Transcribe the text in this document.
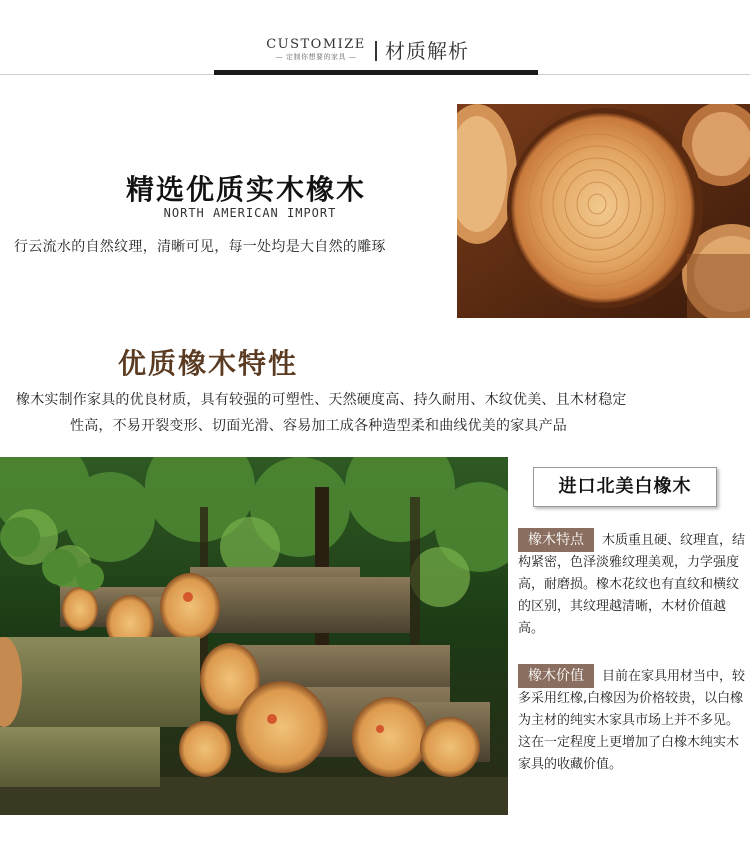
CUSTOMIZE
— 定制你想要的家具 —	材质解析
精选优质实木橡木
NORTH AMERICAN IMPORT
行云流水的自然纹理，清晰可见，每一处均是大自然的雕琢
优质橡木特性
橡木实制作家具的优良材质，具有较强的可塑性、天然硬度高、持久耐用、木纹优美、且木材稳定
性高，不易开裂变形、切面光滑、容易加工成各种造型柔和曲线优美的家具产品
进口北美白橡木
橡木特点 木质重且硬、纹理直，结构紧密，色泽淡雅纹理美观，力学强度高，耐磨损。橡木花纹也有直纹和横纹的区别，其纹理越清晰，木材价值越高。
橡木价值 目前在家具用材当中，较多采用红橡,白橡因为价格较贵，以白橡为主材的纯实木家具市场上并不多见。这在一定程度上更增加了白橡木纯实木家具的收藏价值。
